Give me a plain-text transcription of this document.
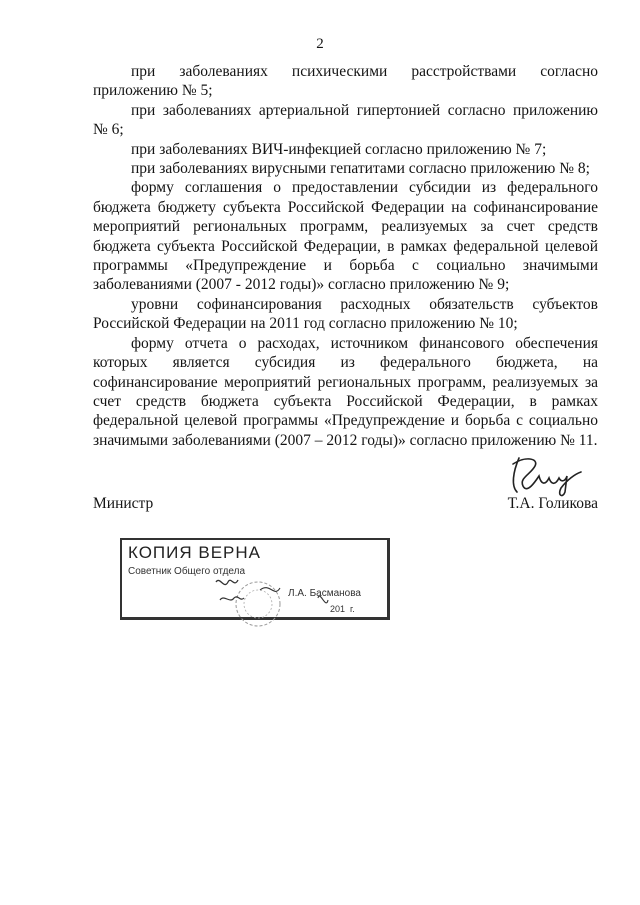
2

при заболеваниях психическими расстройствами согласно приложению № 5;

при заболеваниях артериальной гипертонией согласно приложению № 6;

при заболеваниях ВИЧ-инфекцией согласно приложению № 7;

при заболеваниях вирусными гепатитами согласно приложению № 8;

форму соглашения о предоставлении субсидии из федерального бюджета бюджету субъекта Российской Федерации на софинансирование мероприятий региональных программ, реализуемых за счет средств бюджета субъекта Российской Федерации, в рамках федеральной целевой программы «Предупреждение и борьба с социально значимыми заболеваниями (2007 - 2012 годы)» согласно приложению № 9;

уровни софинансирования расходных обязательств субъектов Российской Федерации на 2011 год согласно приложению № 10;

форму отчета о расходах, источником финансового обеспечения которых является субсидия из федерального бюджета, на софинансирование мероприятий региональных программ, реализуемых за счет средств бюджета субъекта Российской Федерации, в рамках федеральной целевой программы «Предупреждение и борьба с социально значимыми заболеваниями (2007 – 2012 годы)» согласно приложению № 11.

Министр	Т.А. Голикова
КОПИЯ ВЕРНА
Советник Общего отдела
Л.А. Басманова
201 г.
